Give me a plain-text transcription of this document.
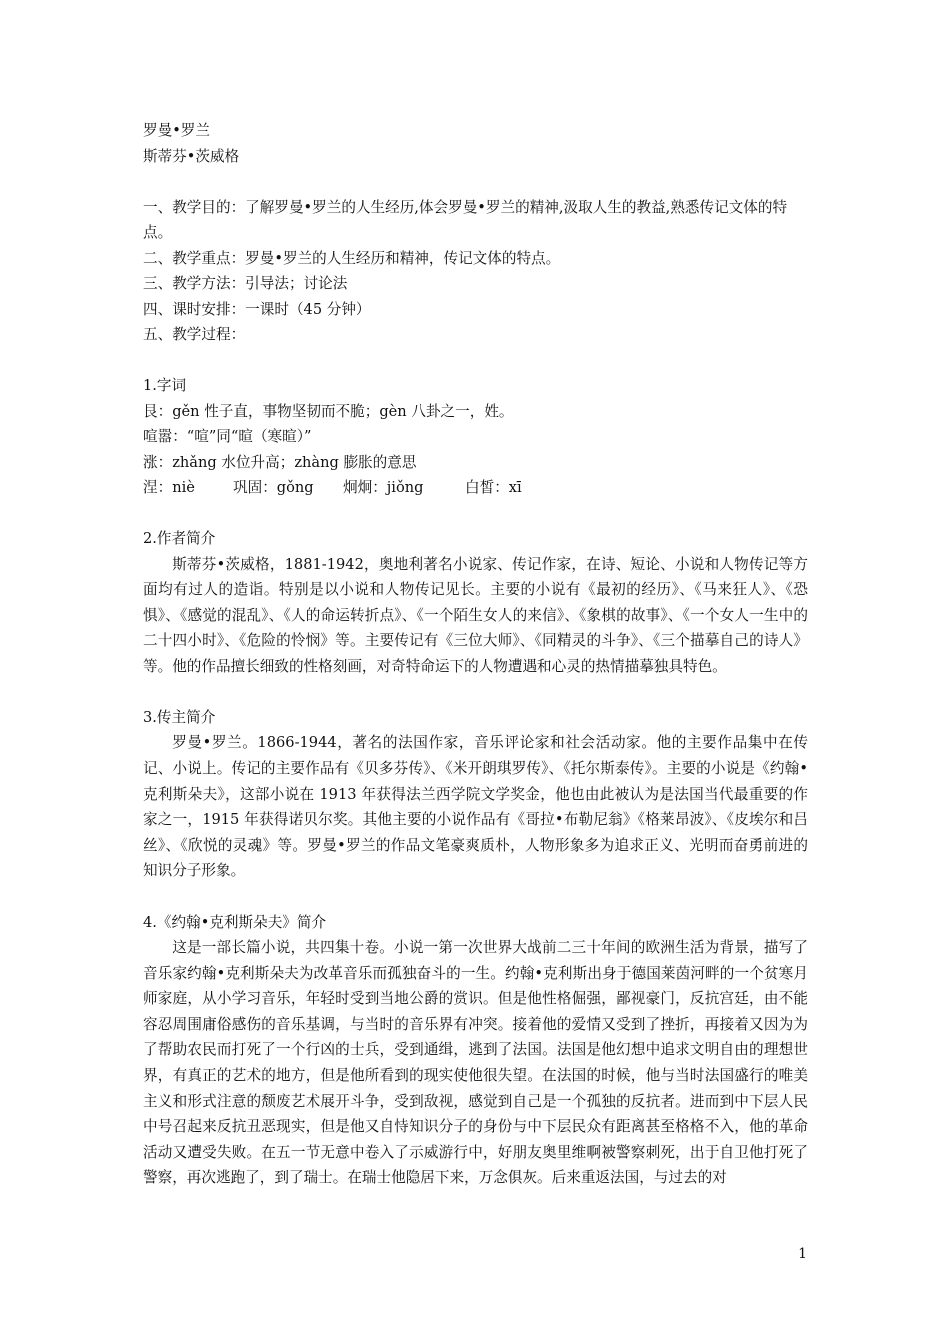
罗曼•罗兰
斯蒂芬•茨威格

一、教学目的：了解罗曼•罗兰的人生经历,体会罗曼•罗兰的精神,汲取人生的教益,熟悉传记文体的特点。

二、教学重点：罗曼•罗兰的人生经历和精神，传记文体的特点。
三、教学方法：引导法；讨论法
四、课时安排：一课时（45 分钟）
五、教学过程：
1.字词
艮：gěn 性子直，事物坚韧而不脆；gèn 八卦之一，姓。
喧嚣：“喧”同“暄（寒暄）”
涨：zhǎng 水位升高；zhàng 膨胀的意思
涅：niè	巩固：gǒng 炯炯：jiǒng	白皙：xī
2.作者简介

斯蒂芬•茨威格，1881-1942，奥地利著名小说家、传记作家，在诗、短论、小说和人物传记等方面均有过人的造诣。特别是以小说和人物传记见长。主要的小说有《最初的经历》、《马来狂人》、《恐惧》、《感觉的混乱》、《人的命运转折点》、《一个陌生女人的来信》、《象棋的故事》、《一个女人一生中的二十四小时》、《危险的怜悯》等。主要传记有《三位大师》、《同精灵的斗争》、《三个描摹自己的诗人》等。他的作品擅长细致的性格刻画，对奇特命运下的人物遭遇和心灵的热情描摹独具特色。

3.传主简介

罗曼•罗兰。1866-1944，著名的法国作家，音乐评论家和社会活动家。他的主要作品集中在传记、小说上。传记的主要作品有《贝多芬传》、《米开朗琪罗传》、《托尔斯泰传》。主要的小说是《约翰•克利斯朵夫》，这部小说在 1913 年获得法兰西学院文学奖金，他也由此被认为是法国当代最重要的作家之一，1915 年获得诺贝尔奖。其他主要的小说作品有《哥拉•布勒尼翁》《格莱昂波》、《皮埃尔和吕丝》、《欣悦的灵魂》等。罗曼•罗兰的作品文笔豪爽质朴，人物形象多为追求正义、光明而奋勇前进的知识分子形象。

4.《约翰•克利斯朵夫》简介

这是一部长篇小说，共四集十卷。小说一第一次世界大战前二三十年间的欧洲生活为背景，描写了音乐家约翰•克利斯朵夫为改革音乐而孤独奋斗的一生。约翰•克利斯出身于德国莱茵河畔的一个贫寒月师家庭，从小学习音乐，年轻时受到当地公爵的赏识。但是他性格倔强，鄙视豪门，反抗宫廷，由不能容忍周围庸俗感伤的音乐基调，与当时的音乐界有冲突。接着他的爱情又受到了挫折，再接着又因为为了帮助农民而打死了一个行凶的士兵，受到通缉，逃到了法国。法国是他幻想中追求文明自由的理想世界，有真正的艺术的地方，但是他所看到的现实使他很失望。在法国的时候，他与当时法国盛行的唯美主义和形式注意的颓废艺术展开斗争，受到敌视，感觉到自己是一个孤独的反抗者。进而到中下层人民中号召起来反抗丑恶现实，但是他又自恃知识分子的身份与中下层民众有距离甚至格格不入，他的革命活动又遭受失败。在五一节无意中卷入了示威游行中，好朋友奥里维啊被警察刺死，出于自卫他打死了警察，再次逃跑了，到了瑞士。在瑞士他隐居下来，万念俱灰。后来重返法国，与过去的对

1
